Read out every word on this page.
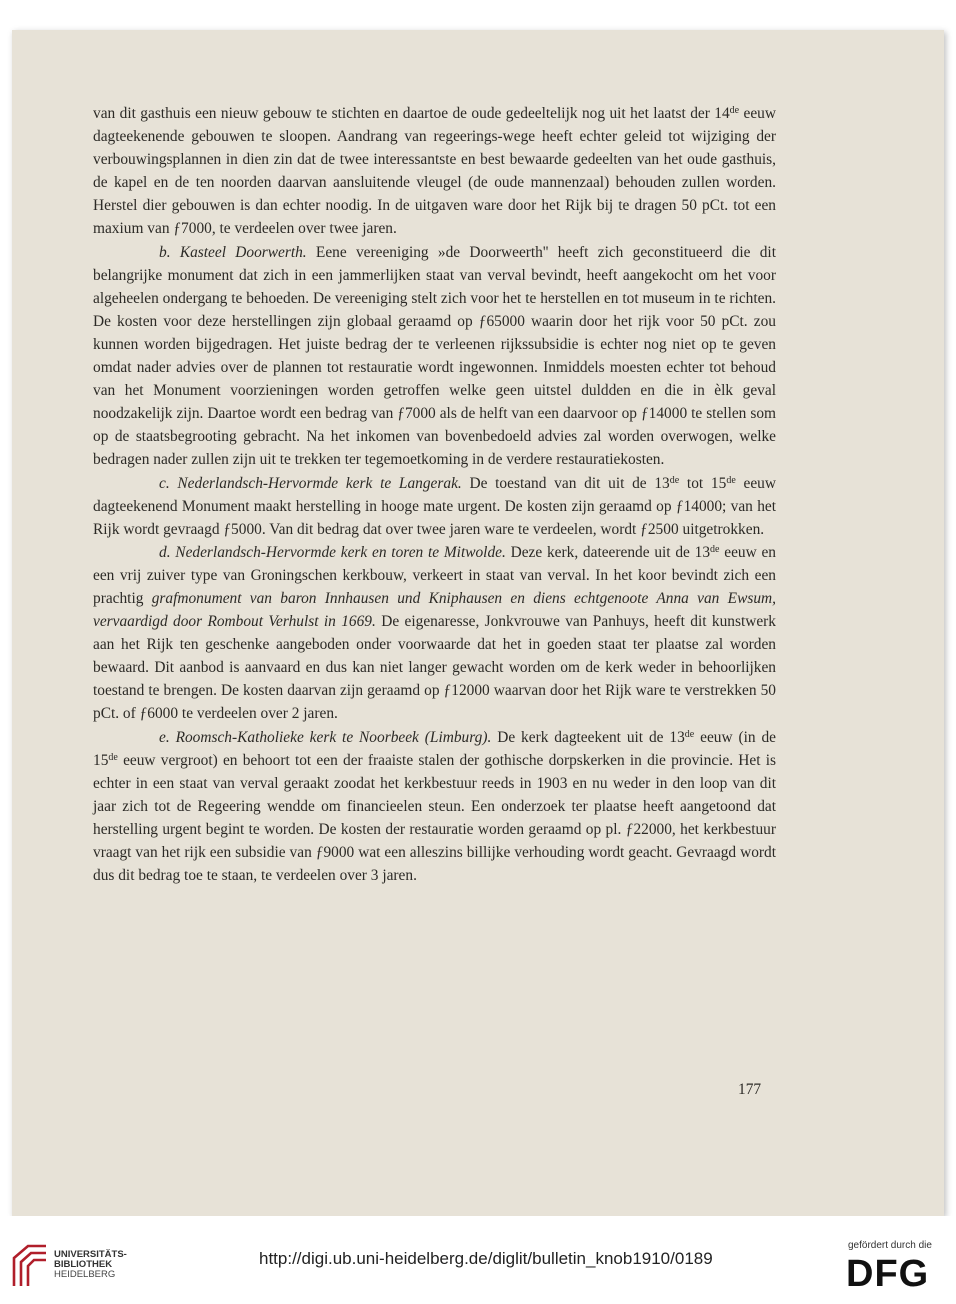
van dit gasthuis een nieuw gebouw te stichten en daartoe de oude gedeeltelijk nog uit het laatst der 14de eeuw dagteekenende gebouwen te sloopen. Aandrang van regeerings-wege heeft echter geleid tot wijziging der verbouwingsplannen in dien zin dat de twee interessantste en best bewaarde gedeelten van het oude gasthuis, de kapel en de ten noorden daarvan aansluitende vleugel (de oude mannenzaal) behouden zullen worden. Herstel dier gebouwen is dan echter noodig. In de uitgaven ware door het Rijk bij te dragen 50 pCt. tot een maxium van ƒ7000, te verdeelen over twee jaren.

b. Kasteel Doorwerth. Eene vereeniging »de Doorweerth'' heeft zich geconstitueerd die dit belangrijke monument dat zich in een jammerlijken staat van verval bevindt, heeft aangekocht om het voor algeheelen ondergang te behoeden. De vereeniging stelt zich voor het te herstellen en tot museum in te richten. De kosten voor deze herstellingen zijn globaal geraamd op ƒ65000 waarin door het rijk voor 50 pCt. zou kunnen worden bijgedragen. Het juiste bedrag der te verleenen rijkssubsidie is echter nog niet op te geven omdat nader advies over de plannen tot restauratie wordt ingewonnen. Inmiddels moesten echter tot behoud van het Monument voorzieningen worden getroffen welke geen uitstel duldden en die in èlk geval noodzakelijk zijn. Daartoe wordt een bedrag van ƒ7000 als de helft van een daarvoor op ƒ14000 te stellen som op de staatsbegrooting gebracht. Na het inkomen van bovenbedoeld advies zal worden overwogen, welke bedragen nader zullen zijn uit te trekken ter tegemoetkoming in de verdere restauratiekosten.

c. Nederlandsch-Hervormde kerk te Langerak. De toestand van dit uit de 13de tot 15de eeuw dagteekenend Monument maakt herstelling in hooge mate urgent. De kosten zijn geraamd op ƒ14000; van het Rijk wordt gevraagd ƒ5000. Van dit bedrag dat over twee jaren ware te verdeelen, wordt ƒ2500 uitgetrokken.

d. Nederlandsch-Hervormde kerk en toren te Mitwolde. Deze kerk, dateerende uit de 13de eeuw en een vrij zuiver type van Groningschen kerkbouw, verkeert in staat van verval. In het koor bevindt zich een prachtig grafmonument van baron Innhausen und Kniphausen en diens echtgenoote Anna van Ewsum, vervaardigd door Rombout Verhulst in 1669. De eigenaresse, Jonkvrouwe van Panhuys, heeft dit kunstwerk aan het Rijk ten geschenke aangeboden onder voorwaarde dat het in goeden staat ter plaatse zal worden bewaard. Dit aanbod is aanvaard en dus kan niet langer gewacht worden om de kerk weder in behoorlijken toestand te brengen. De kosten daarvan zijn geraamd op ƒ12000 waarvan door het Rijk ware te verstrekken 50 pCt. of ƒ6000 te verdeelen over 2 jaren.

e. Roomsch-Katholieke kerk te Noorbeek (Limburg). De kerk dagteekent uit de 13de eeuw (in de 15de eeuw vergroot) en behoort tot een der fraaiste stalen der gothische dorpskerken in die provincie. Het is echter in een staat van verval geraakt zoodat het kerkbestuur reeds in 1903 en nu weder in den loop van dit jaar zich tot de Regeering wendde om financieelen steun. Een onderzoek ter plaatse heeft aangetoond dat herstelling urgent begint te worden. De kosten der restauratie worden geraamd op pl. ƒ22000, het kerkbestuur vraagt van het rijk een subsidie van ƒ9000 wat een alleszins billijke verhouding wordt geacht. Gevraagd wordt dus dit bedrag toe te staan, te verdeelen over 3 jaren.

177
UNIVERSITÄTS-
BIBLIOTHEK
HEIDELBERG
http://digi.ub.uni-heidelberg.de/diglit/bulletin_knob1910/0189
gefördert durch die
DFG
